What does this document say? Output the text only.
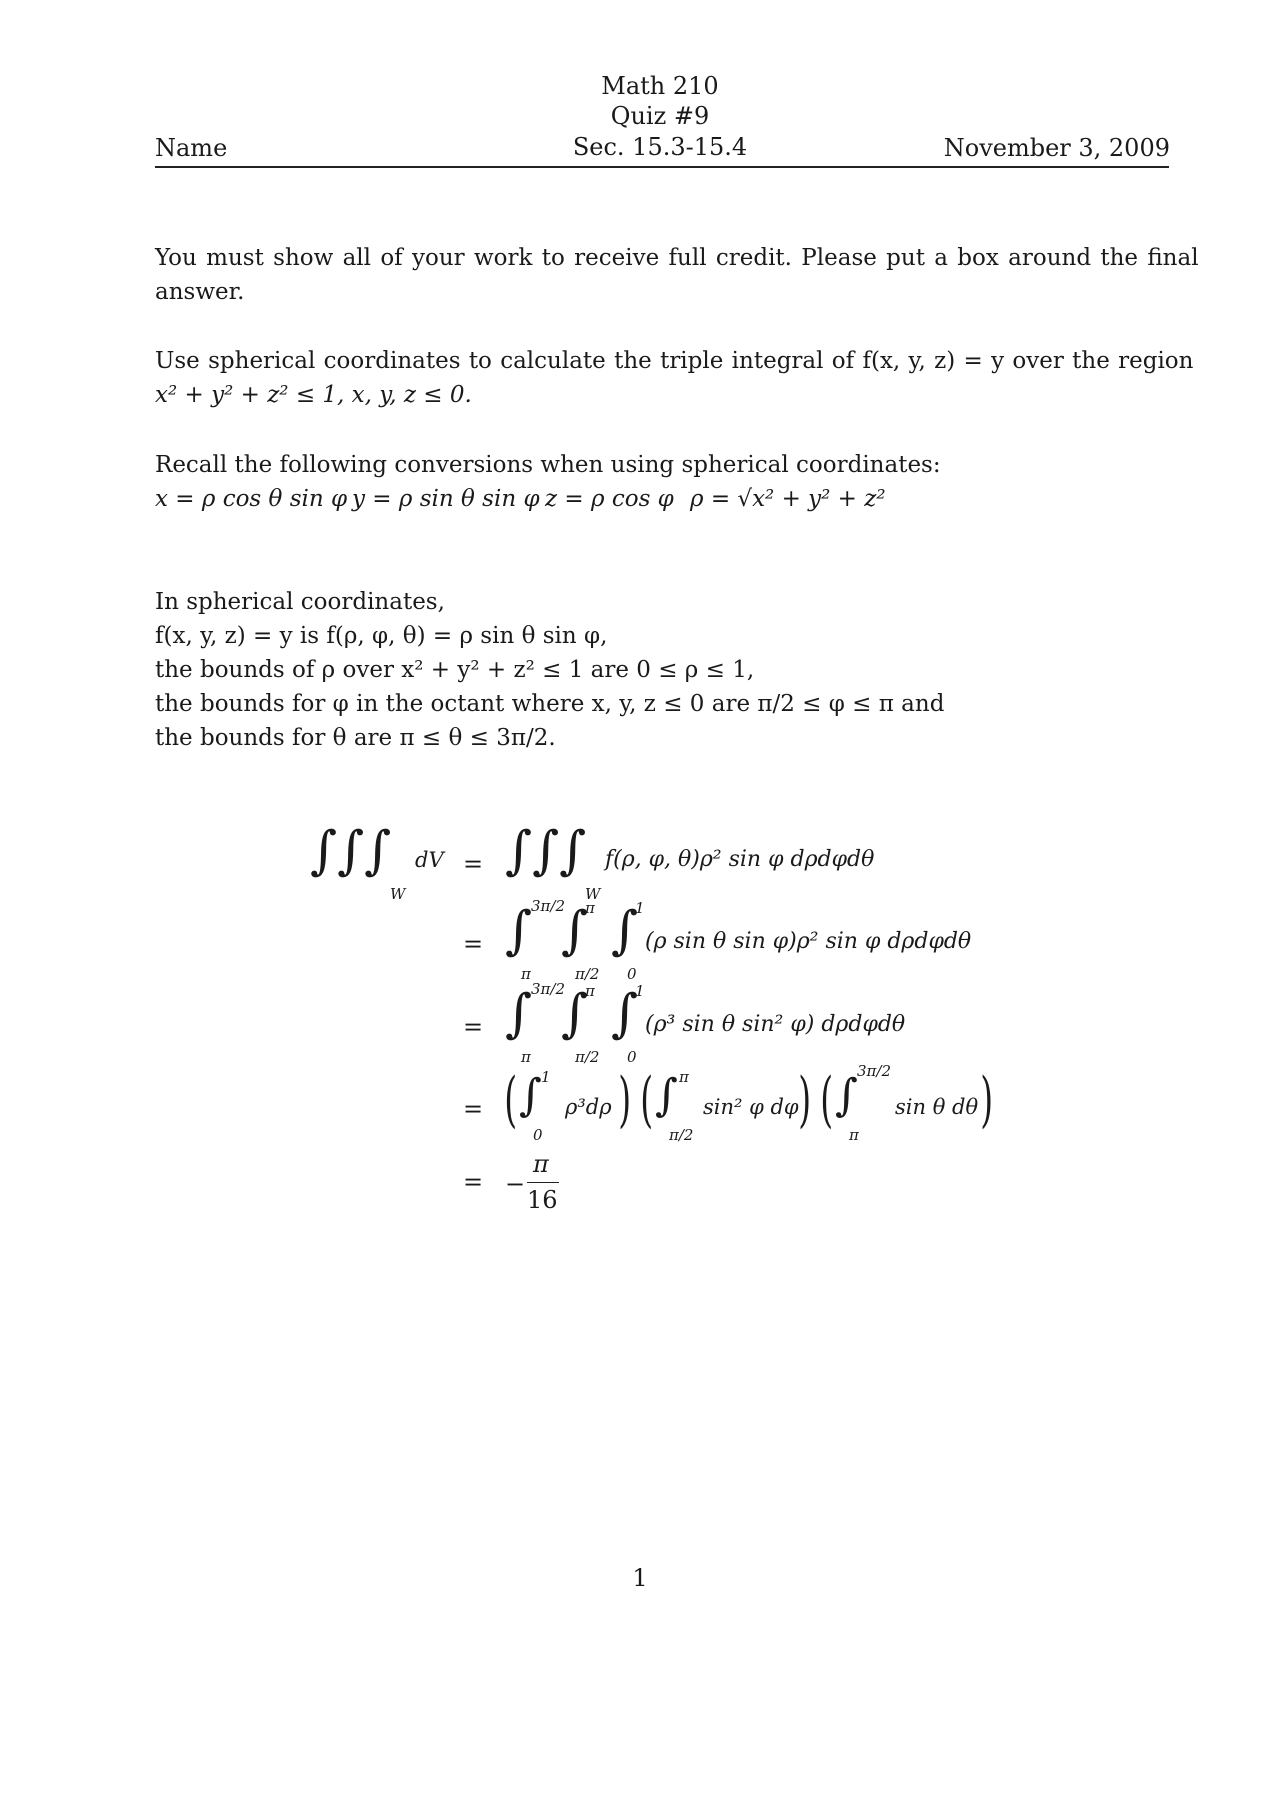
Math 210
Quiz #9
Sec. 15.3-15.4
Name	November 3, 2009
You must show all of your work to receive full credit. Please put a box around the final
answer.
Use spherical coordinates to calculate the triple integral of f(x, y, z) = y over the region
x² + y² + z² ≤ 1, x, y, z ≤ 0.
Recall the following conversions when using spherical coordinates:
x = ρ cos θ sin φ y = ρ sin θ sin φ z = ρ cos φ ρ = √x² + y² + z²
In spherical coordinates,
f(x, y, z) = y is f(ρ, φ, θ) = ρ sin θ sin φ,
the bounds of ρ over x² + y² + z² ≤ 1 are 0 ≤ ρ ≤ 1,
the bounds for φ in the octant where x, y, z ≤ 0 are π/2 ≤ φ ≤ π and
the bounds for θ are π ≤ θ ≤ 3π/2.
∫∫∫
W
dV = ∫∫∫
W
f(ρ, φ, θ)ρ² sin φ dρdφdθ
= ∫
3π/2
π
∫
π
π/2
∫
1
0
(ρ sin θ sin φ)ρ² sin φ dρdφdθ
= ∫
3π/2
π
∫
π
π/2
∫
1
0
(ρ³ sin θ sin² φ) dρdφdθ
= ( ∫ 1
0
ρ³dρ ) ( ∫ π
π/2
sin² φ dφ ) ( ∫ 3π/2
π
sin θ dθ )
= −
π
16
1
